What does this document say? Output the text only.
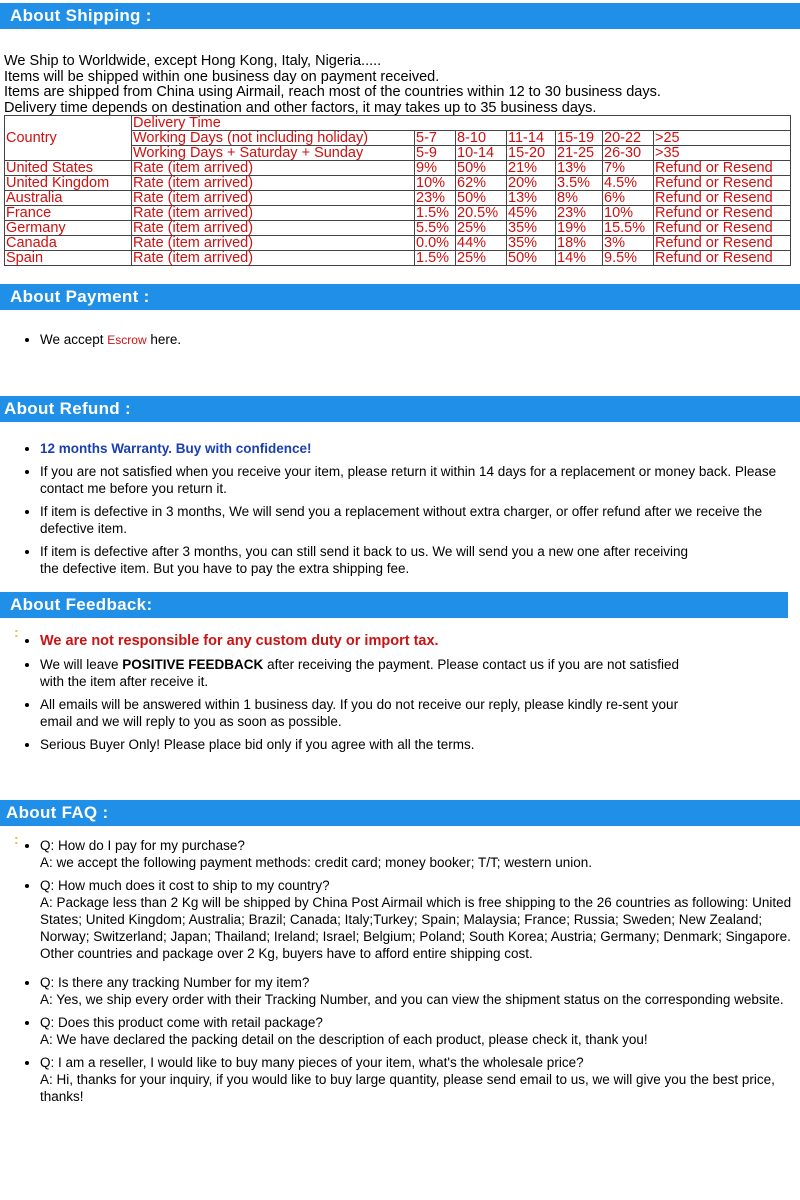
About Shipping :
We Ship to Worldwide, except Hong Kong, Italy, Nigeria.....
Items will be shipped within one business day on payment received.
Items are shipped from China using Airmail, reach most of the countries within 12 to 30 business days.
Delivery time depends on destination and other factors, it may takes up to 35 business days.
Country	Delivery Time						
	Working Days (not including holiday)	5-7	8-10	11-14	15-19	20-22	>25
	Working Days + Saturday + Sunday	5-9	10-14	15-20	21-25	26-30	>35
United States	Rate (item arrived)	9%	50%	21%	13%	7%	Refund or Resend
United Kingdom	Rate (item arrived)	10%	62%	20%	3.5%	4.5%	Refund or Resend
Australia	Rate (item arrived)	23%	50%	13%	8%	6%	Refund or Resend
France	Rate (item arrived)	1.5%	20.5%	45%	23%	10%	Refund or Resend
Germany	Rate (item arrived)	5.5%	25%	35%	19%	15.5%	Refund or Resend
Canada	Rate (item arrived)	0.0%	44%	35%	18%	3%	Refund or Resend
Spain	Rate (item arrived)	1.5%	25%	50%	14%	9.5%	Refund or Resend
About Payment :
• We accept Escrow here.
About Refund :
• 12 months Warranty. Buy with confidence!
• If you are not satisfied when you receive your item, please return it within 14 days for a replacement or money back. Please contact me before you return it.
• If item is defective in 3 months, We will send you a replacement without extra charger, or offer refund after we receive the defective item.
• If item is defective after 3 months, you can still send it back to us. We will send you a new one after receiving the defective item. But you have to pay the extra shipping fee.
About Feedback:
:
• We are not responsible for any custom duty or import tax.
• We will leave POSITIVE FEEDBACK after receiving the payment. Please contact us if you are not satisfied with the item after receive it.
• All emails will be answered within 1 business day. If you do not receive our reply, please kindly re-sent your email and we will reply to you as soon as possible.
• Serious Buyer Only! Please place bid only if you agree with all the terms.
About FAQ :
: • Q: How do I pay for my purchase?
A: we accept the following payment methods: credit card; money booker; T/T; western union.
• Q: How much does it cost to ship to my country?
A: Package less than 2 Kg will be shipped by China Post Airmail which is free shipping to the 26 countries as following: United States; United Kingdom; Australia; Brazil; Canada; Italy;Turkey; Spain; Malaysia; France; Russia; Sweden; New Zealand; Norway; Switzerland; Japan; Thailand; Ireland; Israel; Belgium; Poland; South Korea; Austria; Germany; Denmark; Singapore. Other countries and package over 2 Kg, buyers have to afford entire shipping cost.
• Q: Is there any tracking Number for my item?
A: Yes, we ship every order with their Tracking Number, and you can view the shipment status on the corresponding website.
• Q: Does this product come with retail package?
A: We have declared the packing detail on the description of each product, please check it, thank you!
• Q: I am a reseller, I would like to buy many pieces of your item, what's the wholesale price?
A: Hi, thanks for your inquiry, if you would like to buy large quantity, please send email to us, we will give you the best price, thanks!
